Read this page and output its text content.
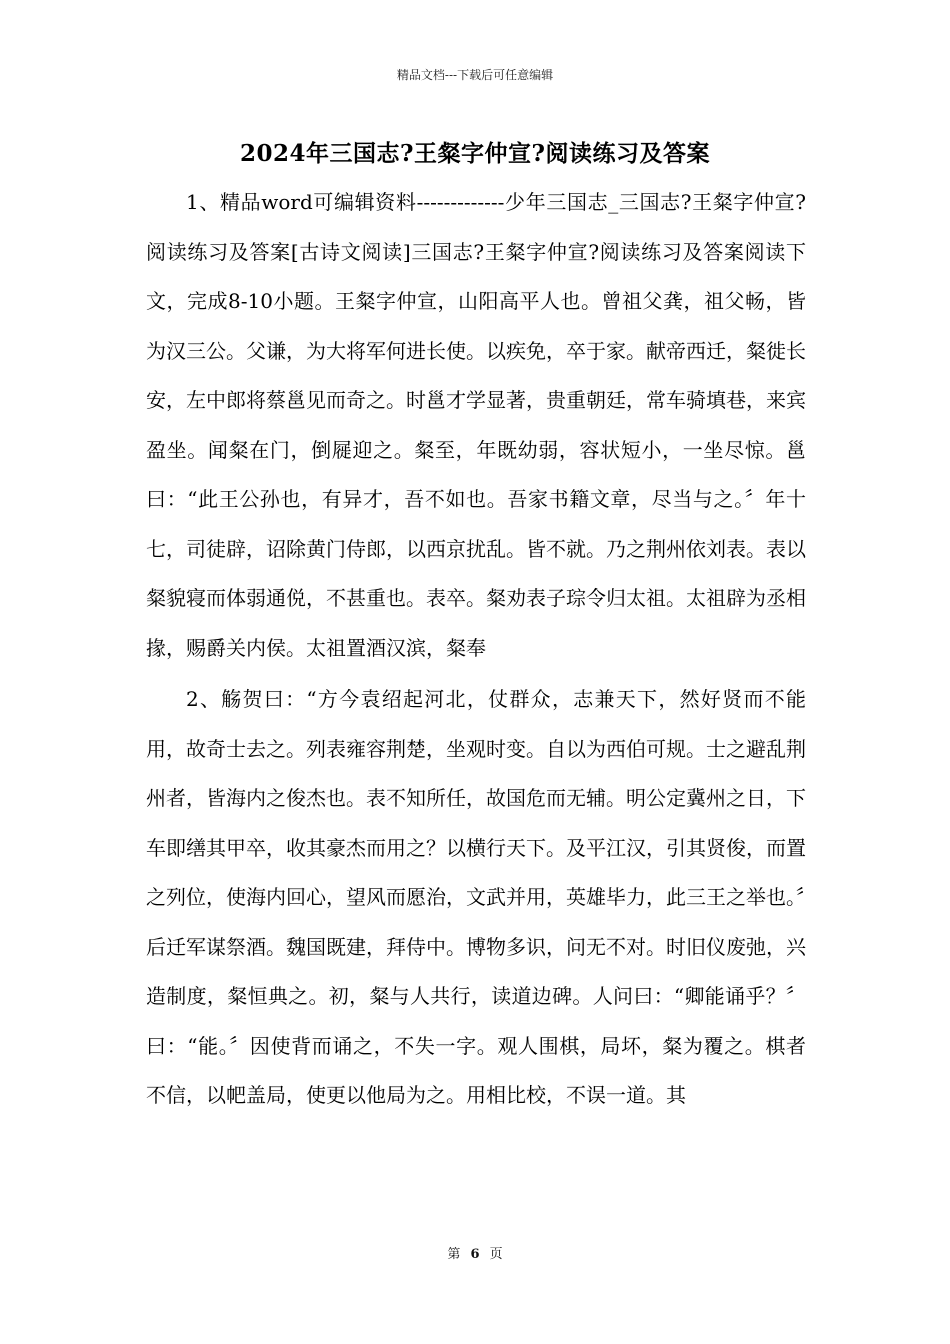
精品文档---下载后可任意编辑
2024年三国志?王粲字仲宣?阅读练习及答案

1、精品word可编辑资料-------------少年三国志_三国志?王粲字仲宣?阅读练习及答案[古诗文阅读]三国志?王粲字仲宣?阅读练习及答案阅读下文，完成8-10小题。王粲字仲宣，山阳高平人也。曾祖父龚，祖父畅，皆为汉三公。父谦，为大将军何进长使。以疾免，卒于家。献帝西迁，粲徙长安，左中郎将蔡邕见而奇之。时邕才学显著，贵重朝廷，常车骑填巷，来宾盈坐。闻粲在门，倒屣迎之。粲至，年既幼弱，容状短小，一坐尽惊。邕曰：“此王公孙也，有异才，吾不如也。吾家书籍文章，尽当与之。〞年十七，司徒辟，诏除黄门侍郎，以西京扰乱。皆不就。乃之荆州依刘表。表以粲貌寝而体弱通侻，不甚重也。表卒。粲劝表子琮令归太祖。太祖辟为丞相掾，赐爵关内侯。太祖置酒汉滨，粲奉

2、觞贺曰：“方今袁绍起河北，仗群众，志兼天下，然好贤而不能用，故奇士去之。列表雍容荆楚，坐观时变。自以为西伯可规。士之避乱荆州者，皆海内之俊杰也。表不知所任，故国危而无辅。明公定冀州之日，下车即缮其甲卒，收其豪杰而用之？以横行天下。及平江汉，引其贤俊，而置之列位，使海内回心，望风而愿治，文武并用，英雄毕力，此三王之举也。〞后迁军谋祭酒。魏国既建，拜侍中。博物多识，问无不对。时旧仪废弛，兴造制度，粲恒典之。初，粲与人共行，读道边碑。人问曰：“卿能诵乎？〞曰：“能。〞因使背而诵之，不失一字。观人围棋，局坏，粲为覆之。棋者不信，以帊盖局，使更以他局为之。用相比校，不误一道。其

第 6 页
